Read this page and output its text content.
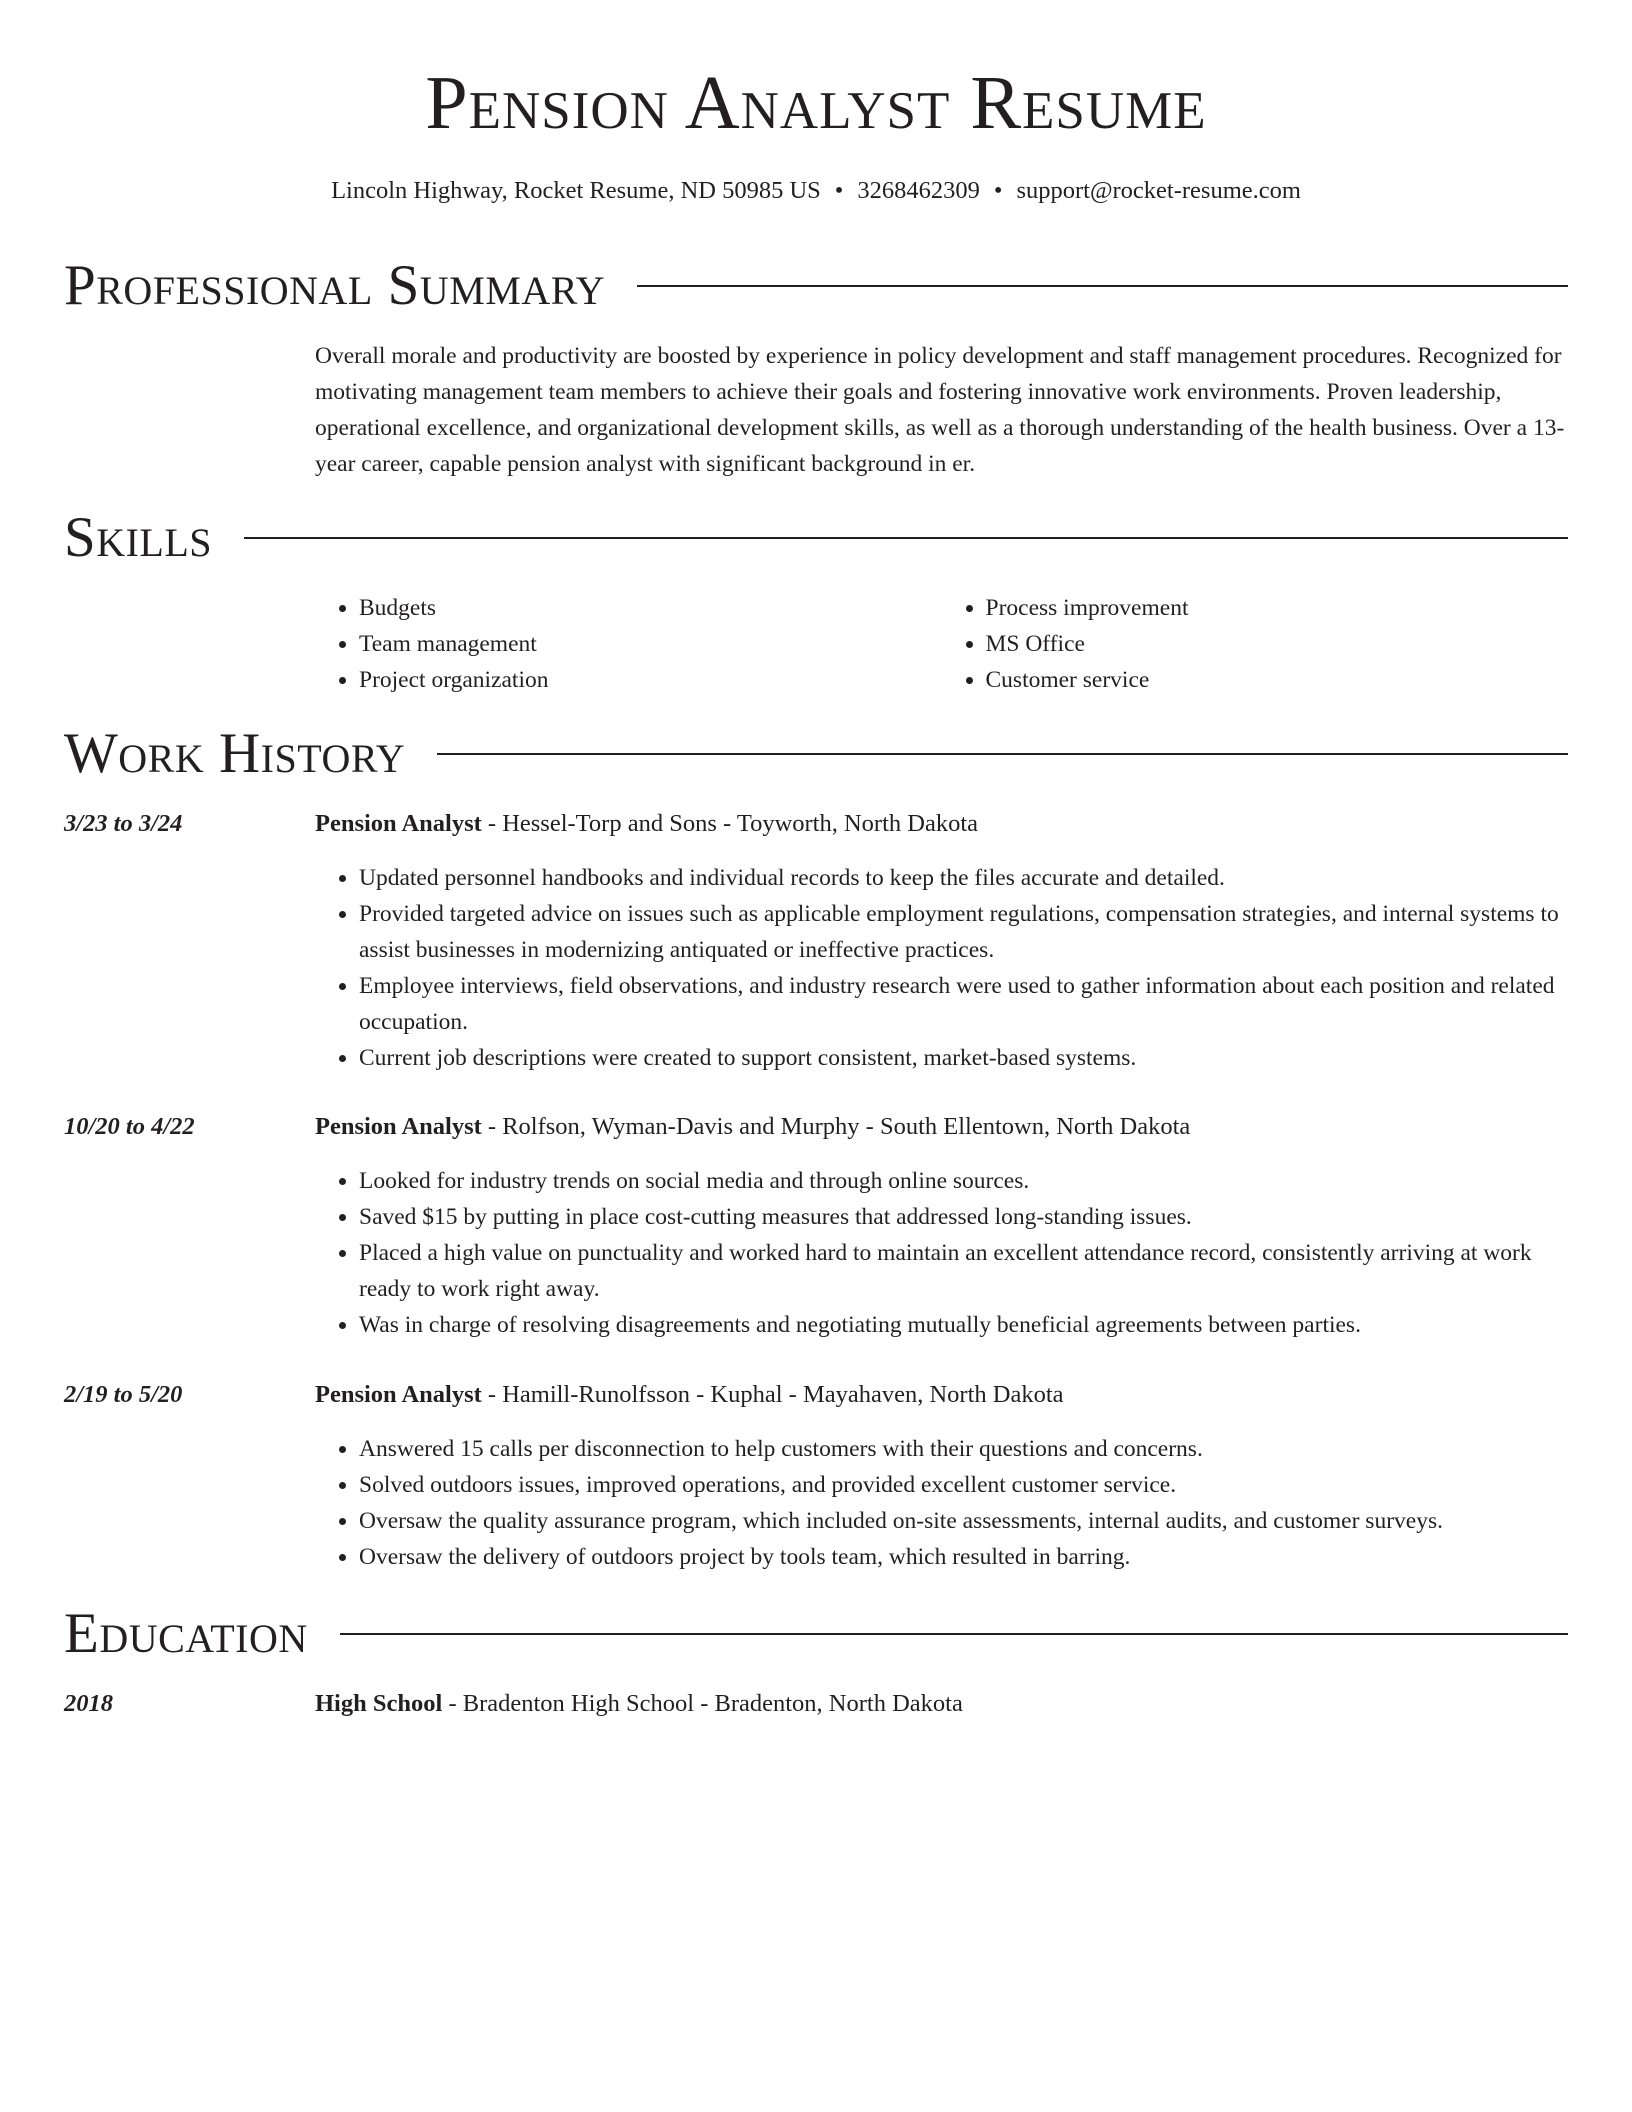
Pension Analyst Resume
Lincoln Highway, Rocket Resume, ND 50985 US • 3268462309 • support@rocket-resume.com
Professional Summary

Overall morale and productivity are boosted by experience in policy development and staff management procedures. Recognized for motivating management team members to achieve their goals and fostering innovative work environments. Proven leadership, operational excellence, and organizational development skills, as well as a thorough understanding of the health business. Over a 13-year career, capable pension analyst with significant background in er.

Skills
• Budgets
• Team management
• Project organization
• Process improvement
• MS Office
• Customer service
Work History
3/23 to 3/24	Pension Analyst - Hessel-Torp and Sons - Toyworth, North Dakota
• Updated personnel handbooks and individual records to keep the files accurate and detailed.
• Provided targeted advice on issues such as applicable employment regulations, compensation strategies, and internal systems to assist businesses in modernizing antiquated or ineffective practices.
• Employee interviews, field observations, and industry research were used to gather information about each position and related occupation.
• Current job descriptions were created to support consistent, market-based systems.
10/20 to 4/22	Pension Analyst - Rolfson, Wyman-Davis and Murphy - South Ellentown, North Dakota
• Looked for industry trends on social media and through online sources.
• Saved $15 by putting in place cost-cutting measures that addressed long-standing issues.
• Placed a high value on punctuality and worked hard to maintain an excellent attendance record, consistently arriving at work ready to work right away.
• Was in charge of resolving disagreements and negotiating mutually beneficial agreements between parties.
2/19 to 5/20	Pension Analyst - Hamill-Runolfsson - Kuphal - Mayahaven, North Dakota
• Answered 15 calls per disconnection to help customers with their questions and concerns.
• Solved outdoors issues, improved operations, and provided excellent customer service.
• Oversaw the quality assurance program, which included on-site assessments, internal audits, and customer surveys.
• Oversaw the delivery of outdoors project by tools team, which resulted in barring.
Education
2018	High School - Bradenton High School - Bradenton, North Dakota
